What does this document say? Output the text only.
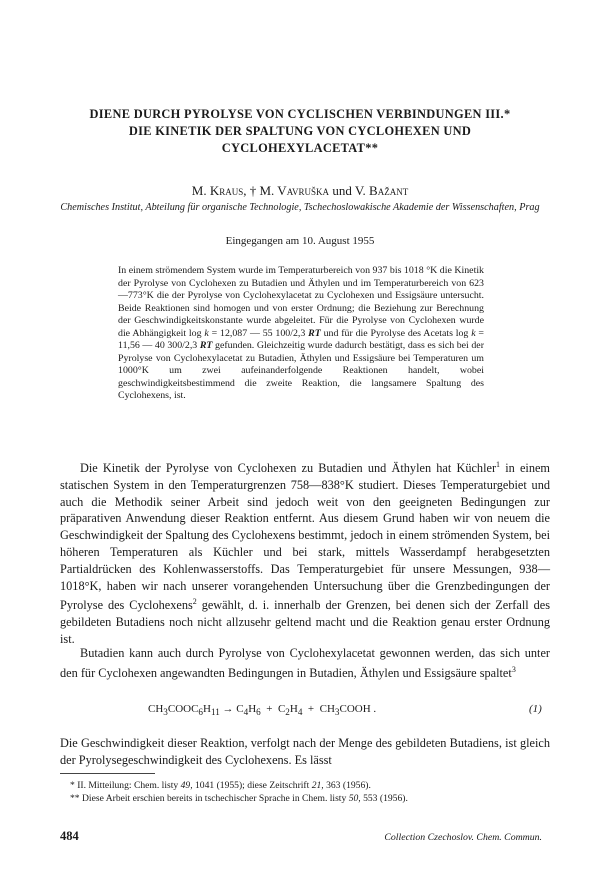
DIENE DURCH PYROLYSE VON CYCLISCHEN VERBINDUNGEN III.*
DIE KINETIK DER SPALTUNG VON CYCLOHEXEN UND
CYCLOHEXYLACETAT**
M. Kraus, † M. Vavruška und V. Bažant
Chemisches Institut, Abteilung für organische Technologie, Tschechoslowakische Akademie der Wissenschaften, Prag
Eingegangen am 10. August 1955
In einem strömendem System wurde im Temperaturbereich von 937 bis 1018 °K die Kinetik der Pyrolyse von Cyclohexen zu Butadien und Äthylen und im Temperaturbereich von 623—773°K die der Pyrolyse von Cyclohexylacetat zu Cyclohexen und Essigsäure untersucht. Beide Reaktionen sind homogen und von erster Ordnung; die Beziehung zur Berechnung der Geschwindigkeitskonstante wurde abgeleitet. Für die Pyrolyse von Cyclohexen wurde die Abhängigkeit log k = 12,087 — 55 100/2,3 RT und für die Pyrolyse des Acetats log k = 11,56 — 40 300/2,3 RT gefunden. Gleichzeitig wurde dadurch bestätigt, dass es sich bei der Pyrolyse von Cyclohexylacetat zu Butadien, Äthylen und Essigsäure bei Temperaturen um 1000°K um zwei aufeinanderfolgende Reaktionen handelt, wobei geschwindigkeitsbestimmend die zweite Reaktion, die langsamere Spaltung des Cyclohexens, ist.
Die Kinetik der Pyrolyse von Cyclohexen zu Butadien und Äthylen hat Küchler$^1$ in einem statischen System in den Temperaturgrenzen 758—838°K studiert. Dieses Temperaturgebiet und auch die Methodik seiner Arbeit sind jedoch weit von den geeigneten Bedingungen zur präparativen Anwendung dieser Reaktion entfernt. Aus diesem Grund haben wir von neuem die Geschwindigkeit der Spaltung des Cyclohexens bestimmt, jedoch in einem strömenden System, bei höheren Temperaturen als Küchler und bei stark, mittels Wasserdampf herabgesetzten Partialdrücken des Kohlenwasserstoffs. Das Temperaturgebiet für unsere Messungen, 938—1018°K, haben wir nach unserer vorangehenden Untersuchung über die Grenzbedingungen der Pyrolyse des Cyclohexens$^2$ gewählt, d. i. innerhalb der Grenzen, bei denen sich der Zerfall des gebildeten Butadiens noch nicht allzusehr geltend macht und die Reaktion genau erster Ordnung ist.
Butadien kann auch durch Pyrolyse von Cyclohexylacetat gewonnen werden, das sich unter den für Cyclohexen angewandten Bedingungen in Butadien, Äthylen und Essigsäure spaltet$^3$
$CH_3COOC_6H_{11} \to C_4H_6 + C_2H_4$  +  $CH_3COOH$ .	(1)
Die Geschwindigkeit dieser Reaktion, verfolgt nach der Menge des gebildeten Butadiens, ist gleich der Pyrolysegeschwindigkeit des Cyclohexens. Es lässt
* II. Mitteilung: Chem. listy 49, 1041 (1955); diese Zeitschrift 21, 363 (1956).
** Diese Arbeit erschien bereits in tschechischer Sprache in Chem. listy 50, 553 (1956).
484	Collection Czechoslov. Chem. Commun.
